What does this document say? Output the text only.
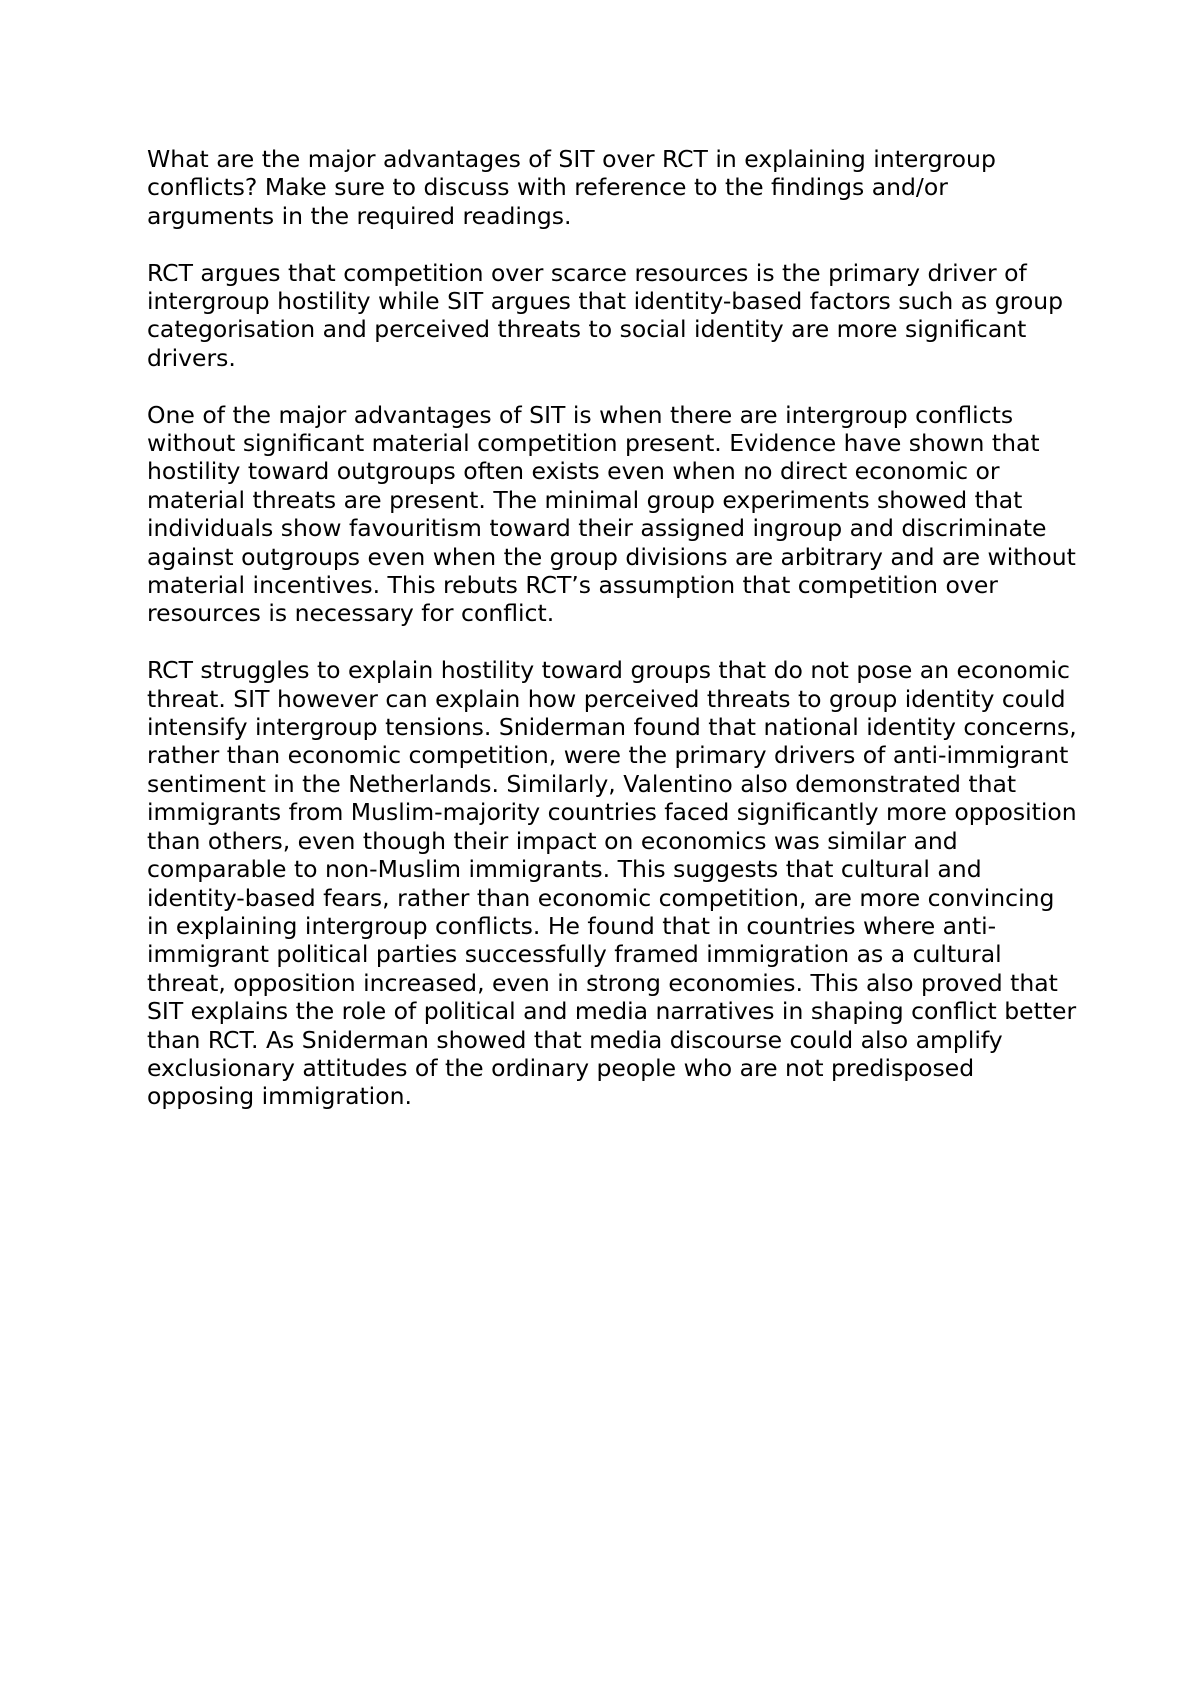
What are the major advantages of SIT over RCT in explaining intergroup conflicts? Make sure to discuss with reference to the findings and/or arguments in the required readings.

RCT argues that competition over scarce resources is the primary driver of intergroup hostility while SIT argues that identity-based factors such as group categorisation and perceived threats to social identity are more significant drivers.

One of the major advantages of SIT is when there are intergroup conflicts without significant material competition present. Evidence have shown that hostility toward outgroups often exists even when no direct economic or material threats are present. The minimal group experiments showed that individuals show favouritism toward their assigned ingroup and discriminate against outgroups even when the group divisions are arbitrary and are without material incentives. This rebuts RCT’s assumption that competition over resources is necessary for conflict.

RCT struggles to explain hostility toward groups that do not pose an economic threat. SIT however can explain how perceived threats to group identity could intensify intergroup tensions. Sniderman found that national identity concerns, rather than economic competition, were the primary drivers of anti-immigrant sentiment in the Netherlands. Similarly, Valentino also demonstrated that immigrants from Muslim-majority countries faced significantly more opposition than others, even though their impact on economics was similar and comparable to non-Muslim immigrants. This suggests that cultural and identity-based fears, rather than economic competition, are more convincing in explaining intergroup conflicts. He found that in countries where anti-immigrant political parties successfully framed immigration as a cultural threat, opposition increased, even in strong economies. This also proved that SIT explains the role of political and media narratives in shaping conflict better than RCT. As Sniderman showed that media discourse could also amplify exclusionary attitudes of the ordinary people who are not predisposed opposing immigration.
